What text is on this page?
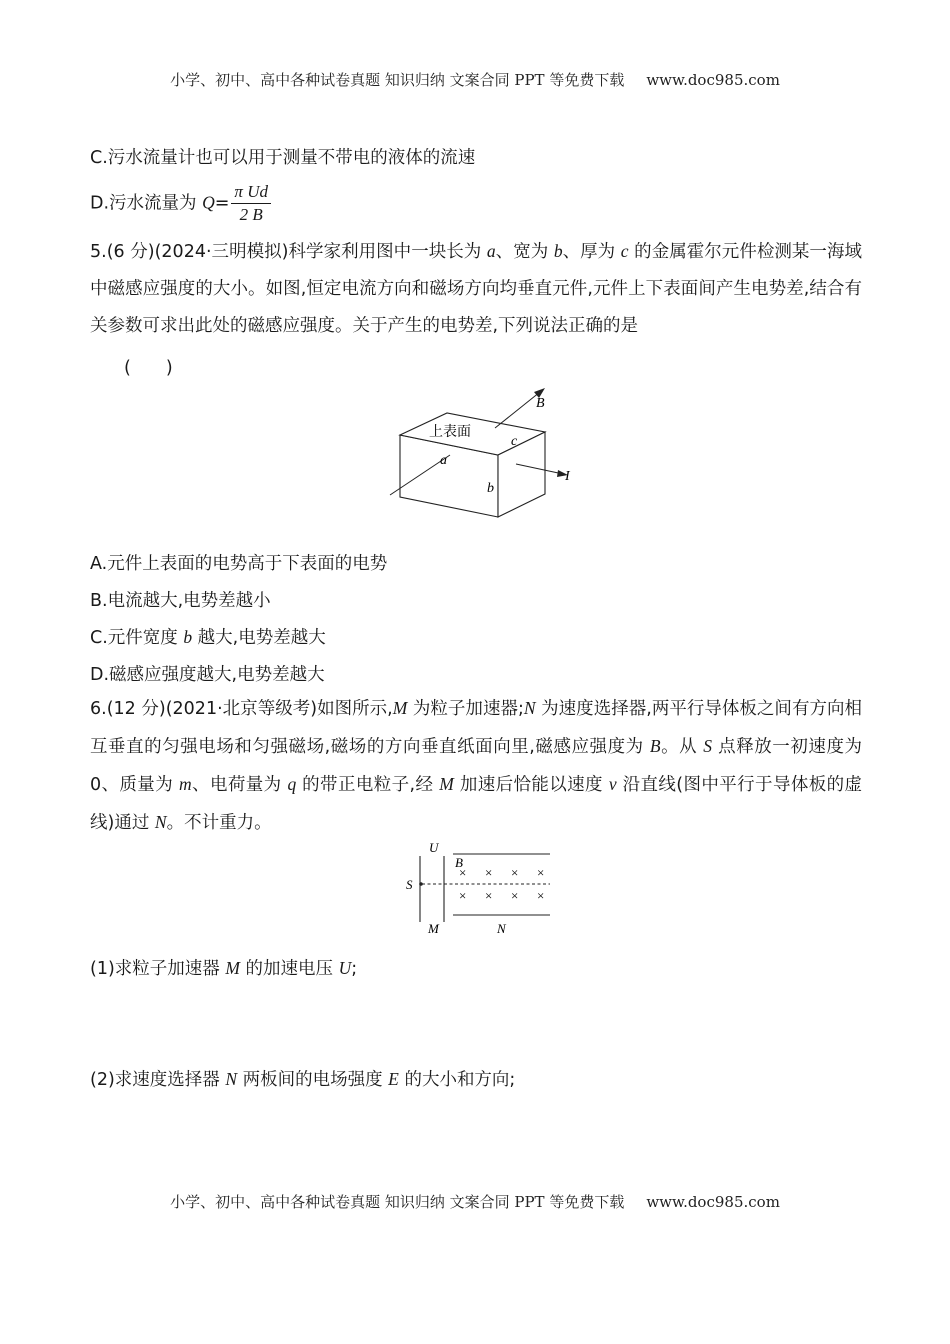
小学、初中、高中各种试卷真题 知识归纳 文案合同 PPT 等免费下载 www.doc985.com
C.污水流量计也可以用于测量不带电的液体的流速
D.污水流量为 $Q= \frac{\text{π Ud}}{2 B}$
5.(6 分)(2024·三明模拟)科学家利用图中一块长为 a、宽为 b、厚为 c 的金属霍尔元件检测某一海域中磁感应强度的大小。如图,恒定电流方向和磁场方向均垂直元件,元件上下表面间产生电势差,结合有关参数可求出此处的磁感应强度。关于产生的电势差,下列说法正确的是
(　　)
上表面
a
b
c
B
I
A.元件上表面的电势高于下表面的电势
B.电流越大,电势差越小
C.元件宽度 b 越大,电势差越大
D.磁感应强度越大,电势差越大
6.(12 分)(2021·北京等级考)如图所示,M 为粒子加速器;N 为速度选择器,两平行导体板之间有方向相互垂直的匀强电场和匀强磁场,磁场的方向垂直纸面向里,磁感应强度为 B。从 S 点释放一初速度为 0、质量为 m、电荷量为 q 的带正电粒子,经 M 加速后恰能以速度 v 沿直线(图中平行于导体板的虚线)通过 N。不计重力。
× × × ×
× × × ×
U
B
S
M	N
(1)求粒子加速器 M 的加速电压 U;
(2)求速度选择器 N 两板间的电场强度 E 的大小和方向;
小学、初中、高中各种试卷真题 知识归纳 文案合同 PPT 等免费下载 www.doc985.com
